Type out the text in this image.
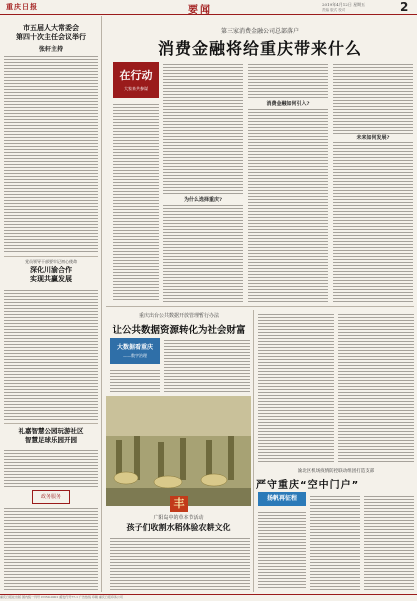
重庆日报	要闻
2019年4月12日 星期五
责编 版式 校对	2
市五届人大常委会
第四十次主任会议举行
张轩主持
党员领导干部要牢记初心使命
深化川渝合作
实现共赢发展
礼嘉智慧公园玩游社区
智慧足球乐园开园
政务服务
第三家消费金融公司总部落户
消费金融将给重庆带来什么
在行动
大家来共参谋
为什么选择重庆?
消费金融如何引入?
未来如何发展?
重庆出台公共数据开放管理暂行办法
让公共数据资源转化为社会财富
大数据看重庆
——数字治理
丰
广阳岛中的草本节活动
孩子们收割水稻体验农耕文化
渝北区机场疫情防控联动组团打造支部
严守重庆“空中门户”
扬帆再征程
重庆日报社出版 国内统一刊号 CN50-0001 邮发代号77-1 广告热线 印刷 重庆日报印务公司
